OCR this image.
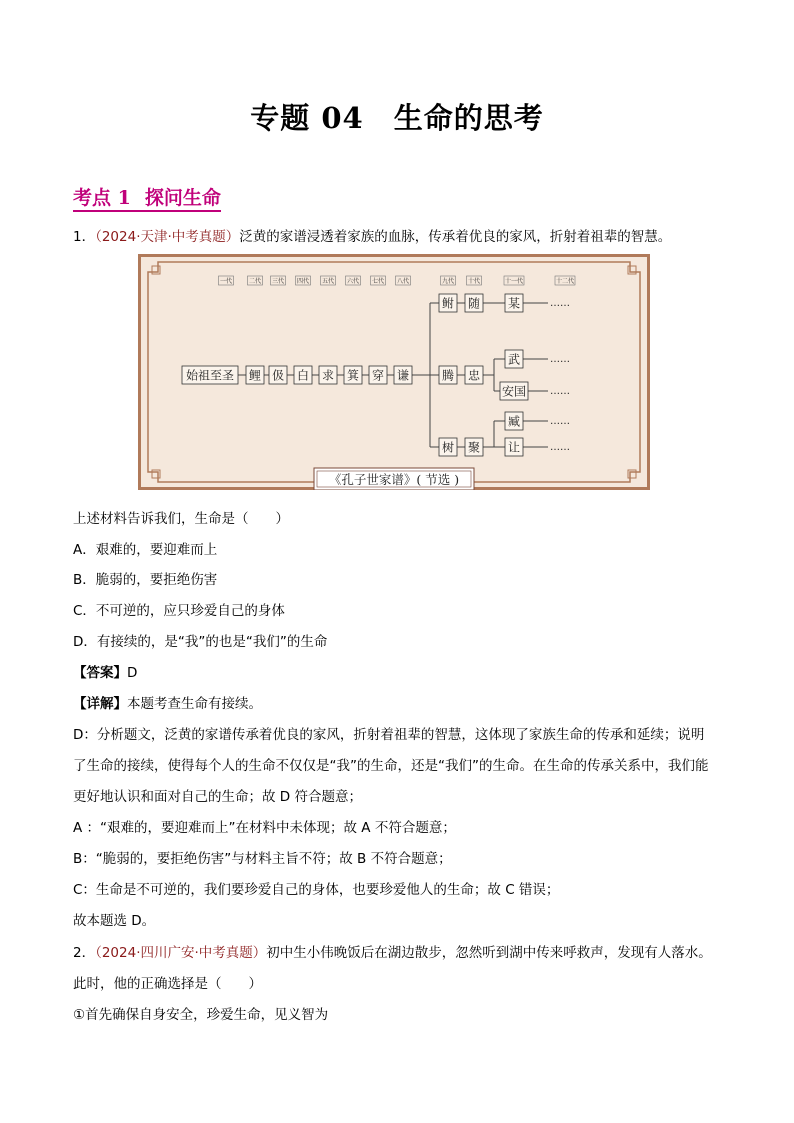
专题 04 生命的思考
考点 1 探问生命
1．（2024·天津·中考真题）泛黄的家谱浸透着家族的血脉，传承着优良的家风，折射着祖辈的智慧。
一代	二代 三代 四代 五代 六代 七代 八代	九代 十代	十一代	十二代
始祖至圣 鲤 伋 白 求 箕 穿 谦
鲋 随 某	……
腾 忠
武	……
安国 ……
树 聚
臧	……
让	……
《孔子世家谱》( 节选 )
上述材料告诉我们，生命是（　　）
A．艰难的，要迎难而上
B．脆弱的，要拒绝伤害
C．不可逆的，应只珍爱自己的身体
D．有接续的，是“我”的也是“我们”的生命
【答案】D
【详解】本题考查生命有接续。
D：分析题文，泛黄的家谱传承着优良的家风，折射着祖辈的智慧，这体现了家族生命的传承和延续；说明
了生命的接续，使得每个人的生命不仅仅是“我”的生命，还是“我们”的生命。在生命的传承关系中，我们能
更好地认识和面对自己的生命；故 D 符合题意；
A ：“艰难的，要迎难而上”在材料中未体现；故 A 不符合题意；
B：“脆弱的，要拒绝伤害”与材料主旨不符；故 B 不符合题意；
C：生命是不可逆的，我们要珍爱自己的身体，也要珍爱他人的生命；故 C 错误；
故本题选 D。
2．（2024·四川广安·中考真题）初中生小伟晚饭后在湖边散步，忽然听到湖中传来呼救声，发现有人落水。
此时，他的正确选择是（　　）
①首先确保自身安全，珍爱生命，见义智为
